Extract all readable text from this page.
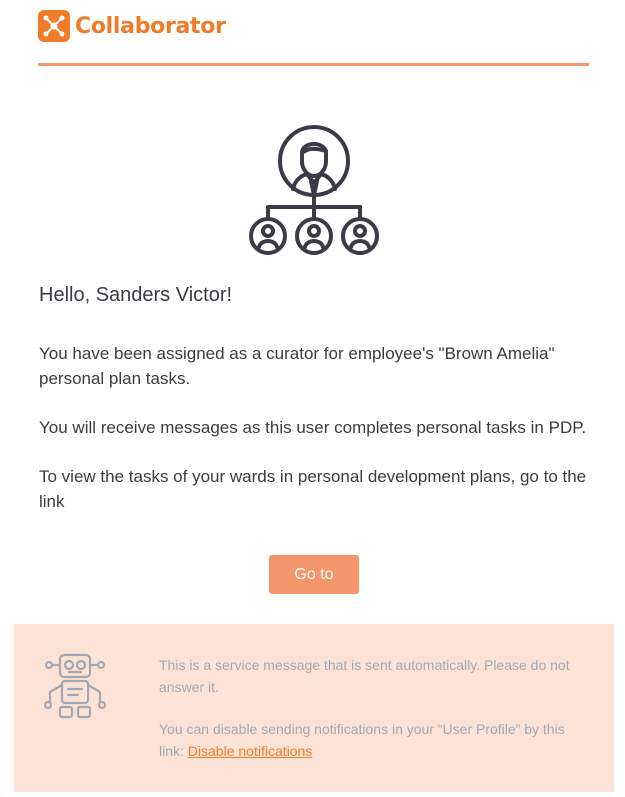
Collaborator

Hello, Sanders Victor!

You have been assigned as a curator for employee's "Brown Amelia" personal plan tasks.

You will receive messages as this user completes personal tasks in PDP.

To view the tasks of your wards in personal development plans, go to the link

Go to

This is a service message that is sent automatically. Please do not answer it.

You can disable sending notifications in your “User Profile” by this link: Disable notifications
